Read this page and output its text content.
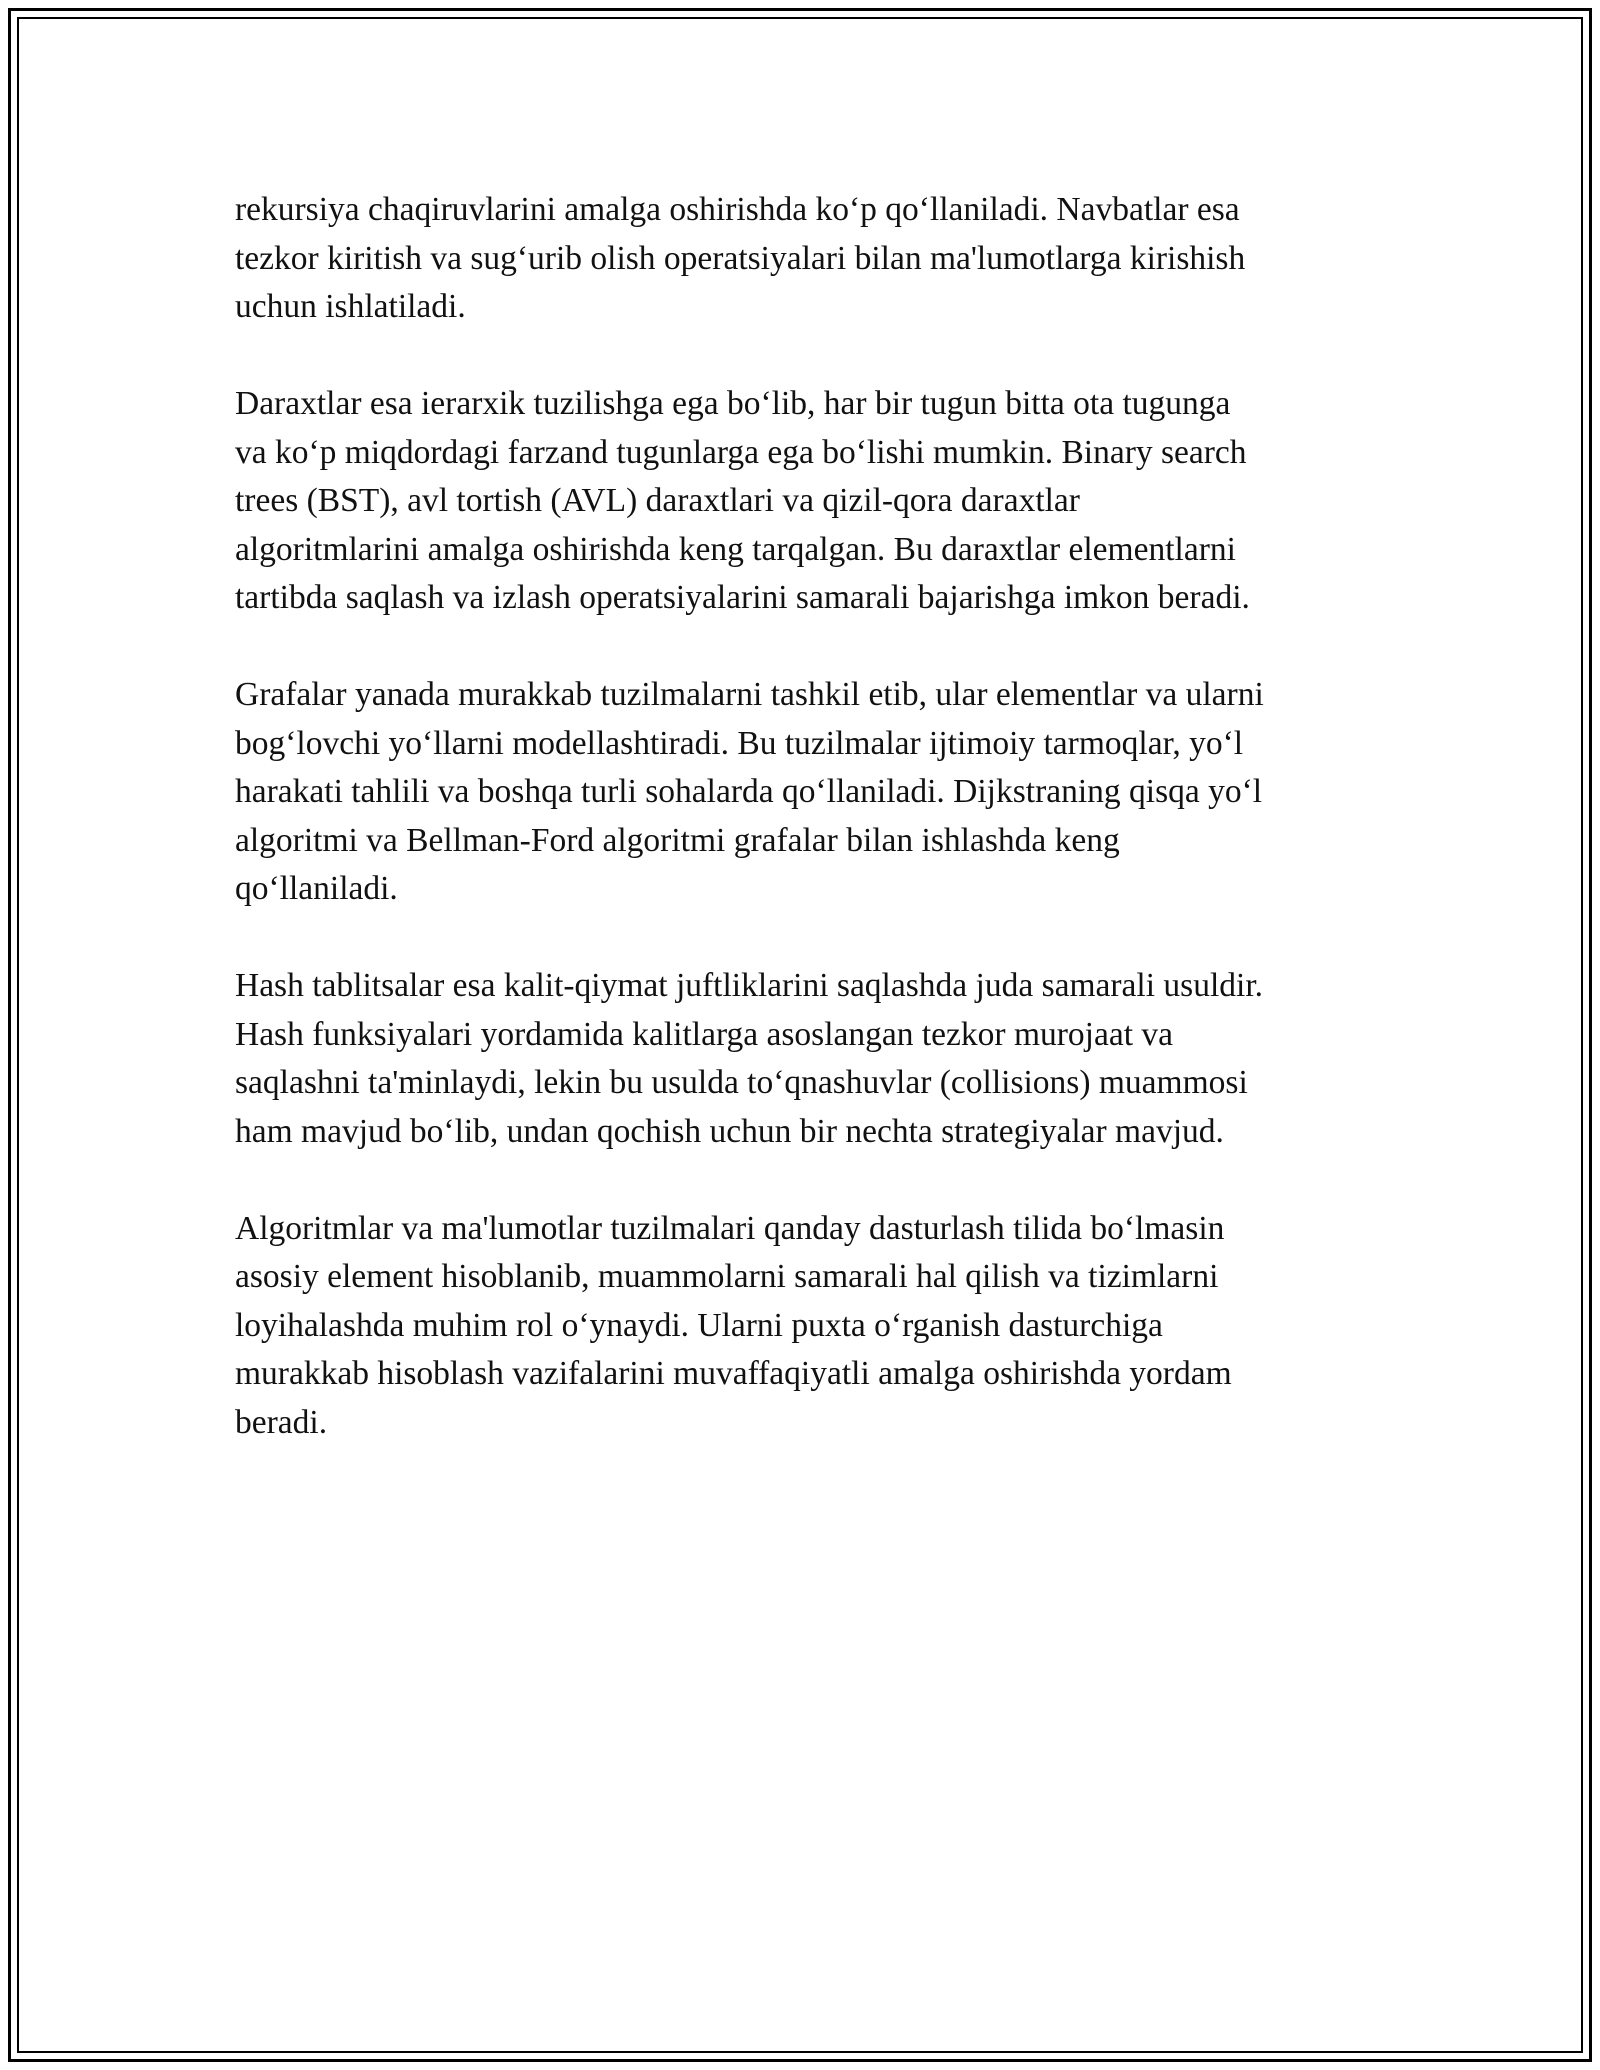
rekursiya chaqiruvlarini amalga oshirishda ko‘p qo‘llaniladi. Navbatlar esa
tezkor kiritish va sug‘urib olish operatsiyalari bilan ma'lumotlarga kirishish
uchun ishlatiladi.

Daraxtlar esa ierarxik tuzilishga ega bo‘lib, har bir tugun bitta ota tugunga
va ko‘p miqdordagi farzand tugunlarga ega bo‘lishi mumkin. Binary search
trees (BST), avl tortish (AVL) daraxtlari va qizil-qora daraxtlar
algoritmlarini amalga oshirishda keng tarqalgan. Bu daraxtlar elementlarni
tartibda saqlash va izlash operatsiyalarini samarali bajarishga imkon beradi.

Grafalar yanada murakkab tuzilmalarni tashkil etib, ular elementlar va ularni
bog‘lovchi yo‘llarni modellashtiradi. Bu tuzilmalar ijtimoiy tarmoqlar, yo‘l
harakati tahlili va boshqa turli sohalarda qo‘llaniladi. Dijkstraning qisqa yo‘l
algoritmi va Bellman-Ford algoritmi grafalar bilan ishlashda keng
qo‘llaniladi.

Hash tablitsalar esa kalit-qiymat juftliklarini saqlashda juda samarali usuldir.
Hash funksiyalari yordamida kalitlarga asoslangan tezkor murojaat va
saqlashni ta'minlaydi, lekin bu usulda to‘qnashuvlar (collisions) muammosi
ham mavjud bo‘lib, undan qochish uchun bir nechta strategiyalar mavjud.

Algoritmlar va ma'lumotlar tuzilmalari qanday dasturlash tilida bo‘lmasin
asosiy element hisoblanib, muammolarni samarali hal qilish va tizimlarni
loyihalashda muhim rol o‘ynaydi. Ularni puxta o‘rganish dasturchiga
murakkab hisoblash vazifalarini muvaffaqiyatli amalga oshirishda yordam
beradi.
